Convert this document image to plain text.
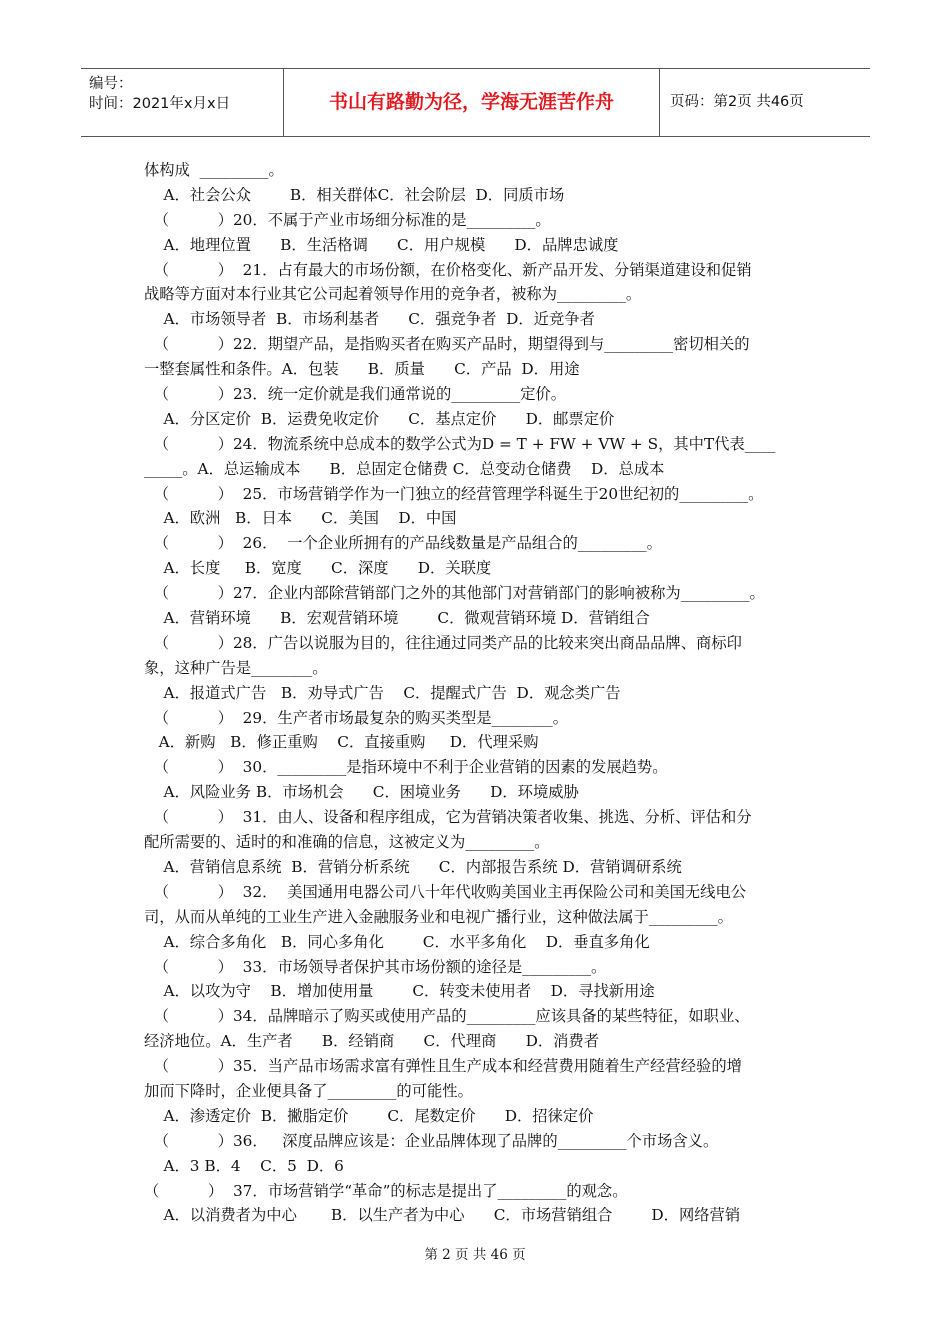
编号：
时间：2021年x月x日	书山有路勤为径，学海无涯苦作舟	页码：第2页 共46页
体构成  _________。
A．社会公众        B．相关群体C．社会阶层  D．同质市场
（          ）20．不属于产业市场细分标准的是_________。
A．地理位置      B．生活格调      C．用户规模      D．品牌忠诚度
（          ）  21．占有最大的市场份额，在价格变化、新产品开发、分销渠道建设和促销
战略等方面对本行业其它公司起着领导作用的竞争者，被称为_________。
A．市场领导者  B．市场利基者      C．强竞争者  D．近竞争者
（          ）22．期望产品，是指购买者在购买产品时，期望得到与_________密切相关的
一整套属性和条件。A．包装      B．质量      C．产品  D．用途
（          ）23．统一定价就是我们通常说的_________定价。
A．分区定价  B．运费免收定价      C．基点定价      D．邮票定价
（          ）24．物流系统中总成本的数学公式为D = T + FW + VW + S，其中T代表____
_____。A．总运输成本      B．总固定仓储费 C．总变动仓储费    D．总成本
（          ）  25．市场营销学作为一门独立的经营管理学科诞生于20世纪初的_________。
A．欧洲   B．日本      C．美国    D．中国
（          ）  26．  一个企业所拥有的产品线数量是产品组合的_________。
A．长度     B．宽度      C．深度      D．关联度
（          ）27．企业内部除营销部门之外的其他部门对营销部门的影响被称为_________。
A．营销环境      B．宏观营销环境        C．微观营销环境 D．营销组合
（          ）28．广告以说服为目的，往往通过同类产品的比较来突出商品品牌、商标印
象，这种广告是________。
A．报道式广告   B．劝导式广告    C．提醒式广告  D．观念类广告
（          ）  29．生产者市场最复杂的购买类型是________。
A．新购   B．修正重购    C．直接重购     D．代理采购
（          ）  30．_________是指环境中不利于企业营销的因素的发展趋势。
A．风险业务 B．市场机会      C．困境业务      D．环境威胁
（          ）  31．由人、设备和程序组成，它为营销决策者收集、挑选、分析、评估和分
配所需要的、适时的和准确的信息，这被定义为_________。
A．营销信息系统  B．营销分析系统      C．内部报告系统 D．营销调研系统
（          ）  32．  美国通用电器公司八十年代收购美国业主再保险公司和美国无线电公
司，从而从单纯的工业生产进入金融服务业和电视广播行业，这种做法属于_________。
A．综合多角化   B．同心多角化        C．水平多角化    D．垂直多角化
（          ）  33．市场领导者保护其市场份额的途径是_________。
A．以攻为守    B．增加使用量        C．转变未使用者    D．寻找新用途
（          ）34．品牌暗示了购买或使用产品的_________应该具备的某些特征，如职业、
经济地位。A．生产者      B．经销商      C．代理商      D．消费者
（          ）35．当产品市场需求富有弹性且生产成本和经营费用随着生产经营经验的增
加而下降时，企业便具备了_________的可能性。
A．渗透定价  B．撇脂定价        C．尾数定价      D．招徕定价
（          ）36．   深度品牌应该是：企业品牌体现了品牌的_________个市场含义。
A．3 B．4    C．5  D．6
（          ）  37．市场营销学“革命”的标志是提出了_________的观念。
A．以消费者为中心       B．以生产者为中心      C．市场营销组合        D．网络营销
第 2 页 共 46 页
